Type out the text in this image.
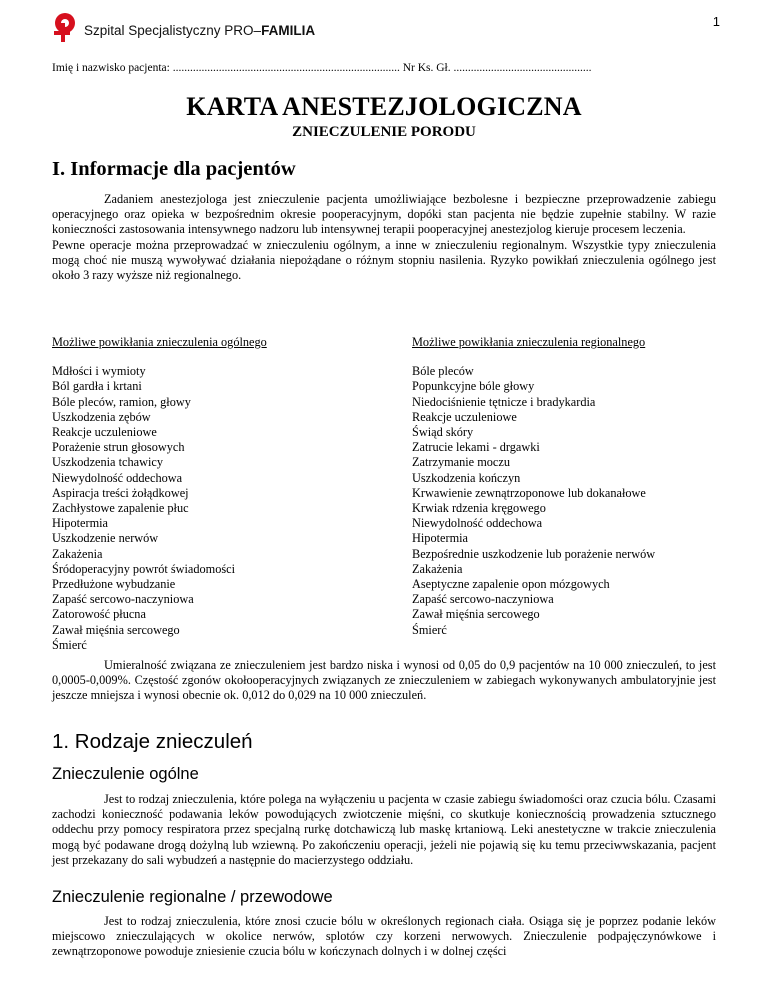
Szpital Specjalistyczny PRO–FAMILIA
1
Imię i nazwisko pacjenta: ............................................................................... Nr Ks. Gł. ................................................
KARTA ANESTEZJOLOGICZNA
ZNIECZULENIE PORODU
I. Informacje dla pacjentów
Zadaniem anestezjologa jest znieczulenie pacjenta umożliwiające bezbolesne i bezpieczne przeprowadzenie zabiegu operacyjnego oraz opieka w bezpośrednim okresie pooperacyjnym, dopóki stan pacjenta nie będzie zupełnie stabilny. W razie konieczności zastosowania intensywnego nadzoru lub intensywnej terapii pooperacyjnej anestezjolog kieruje procesem leczenia.
Pewne operacje można przeprowadzać w znieczuleniu ogólnym, a inne w znieczuleniu regionalnym. Wszystkie typy znieczulenia mogą choć nie muszą wywoływać działania niepożądane o różnym stopniu nasilenia. Ryzyko powikłań znieczulenia ogólnego jest około 3 razy wyższe niż regionalnego.
Możliwe powikłania znieczulenia ogólnego
Mdłości i wymioty
Ból gardła i krtani
Bóle pleców, ramion, głowy
Uszkodzenia zębów
Reakcje uczuleniowe
Porażenie strun głosowych
Uszkodzenia tchawicy
Niewydolność oddechowa
Aspiracja treści żołądkowej
Zachłystowe zapalenie płuc
Hipotermia
Uszkodzenie nerwów
Zakażenia
Śródoperacyjny powrót świadomości
Przedłużone wybudzanie
Zapaść sercowo-naczyniowa
Zatorowość płucna
Zawał mięśnia sercowego
Śmierć
Możliwe powikłania znieczulenia regionalnego
Bóle pleców
Popunkcyjne bóle głowy
Niedociśnienie tętnicze i bradykardia
Reakcje uczuleniowe
Świąd skóry
Zatrucie lekami - drgawki
Zatrzymanie moczu
Uszkodzenia kończyn
Krwawienie zewnątrzoponowe lub dokanałowe
Krwiak rdzenia kręgowego
Niewydolność oddechowa
Hipotermia
Bezpośrednie uszkodzenie lub porażenie nerwów
Zakażenia
Aseptyczne zapalenie opon mózgowych
Zapaść sercowo-naczyniowa
Zawał mięśnia sercowego
Śmierć
Umieralność związana ze znieczuleniem jest bardzo niska i wynosi od 0,05 do 0,9 pacjentów na 10 000 znieczuleń, to jest 0,0005-0,009%. Częstość zgonów okołooperacyjnych związanych ze znieczuleniem w zabiegach wykonywanych ambulatoryjnie jest jeszcze mniejsza i wynosi obecnie ok. 0,012 do 0,029 na 10 000 znieczuleń.
1. Rodzaje znieczuleń
Znieczulenie ogólne
Jest to rodzaj znieczulenia, które polega na wyłączeniu u pacjenta w czasie zabiegu świadomości oraz czucia bólu. Czasami zachodzi konieczność podawania leków powodujących zwiotczenie mięśni, co skutkuje koniecznością prowadzenia sztucznego oddechu przy pomocy respiratora przez specjalną rurkę dotchawiczą lub maskę krtaniową. Leki anestetyczne w trakcie znieczulenia mogą być podawane drogą dożylną lub wziewną. Po zakończeniu operacji, jeżeli nie pojawią się ku temu przeciwwskazania, pacjent jest przekazany do sali wybudzeń a następnie do macierzystego oddziału.
Znieczulenie regionalne / przewodowe
Jest to rodzaj znieczulenia, które znosi czucie bólu w określonych regionach ciała. Osiąga się je poprzez podanie leków miejscowo znieczulających w okolice nerwów, splotów czy korzeni nerwowych. Znieczulenie podpajęczynówkowe i zewnątrzoponowe powoduje zniesienie czucia bólu w kończynach dolnych i w dolnej części
